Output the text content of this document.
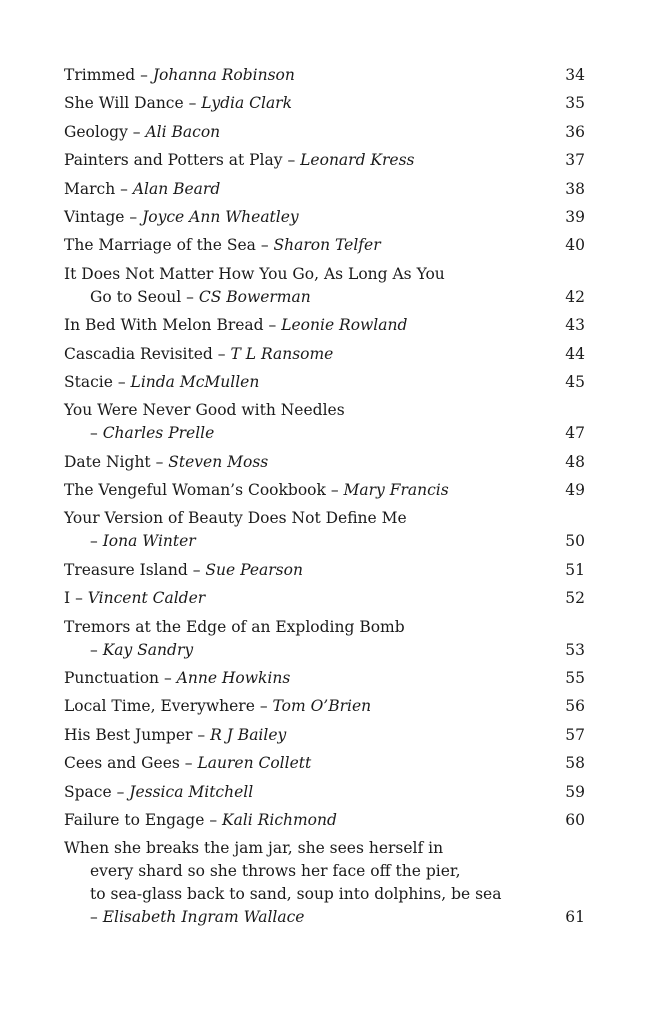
Trimmed – Johanna Robinson	34
She Will Dance – Lydia Clark	35
Geology – Ali Bacon	36
Painters and Potters at Play – Leonard Kress	37
March – Alan Beard	38
Vintage – Joyce Ann Wheatley	39
The Marriage of the Sea – Sharon Telfer	40
It Does Not Matter How You Go, As Long As You
Go to Seoul – CS Bowerman	42
In Bed With Melon Bread – Leonie Rowland	43
Cascadia Revisited – T L Ransome	44
Stacie – Linda McMullen	45
You Were Never Good with Needles
– Charles Prelle	47
Date Night – Steven Moss	48
The Vengeful Woman’s Cookbook – Mary Francis	49
Your Version of Beauty Does Not Define Me
– Iona Winter	50
Treasure Island – Sue Pearson	51
I – Vincent Calder	52
Tremors at the Edge of an Exploding Bomb
– Kay Sandry	53
Punctuation – Anne Howkins	55
Local Time, Everywhere – Tom O’Brien	56
His Best Jumper – R J Bailey	57
Cees and Gees – Lauren Collett	58
Space – Jessica Mitchell	59
Failure to Engage – Kali Richmond	60
When she breaks the jam jar, she sees herself in
every shard so she throws her face off the pier,
to sea-glass back to sand, soup into dolphins, be sea
– Elisabeth Ingram Wallace	61
